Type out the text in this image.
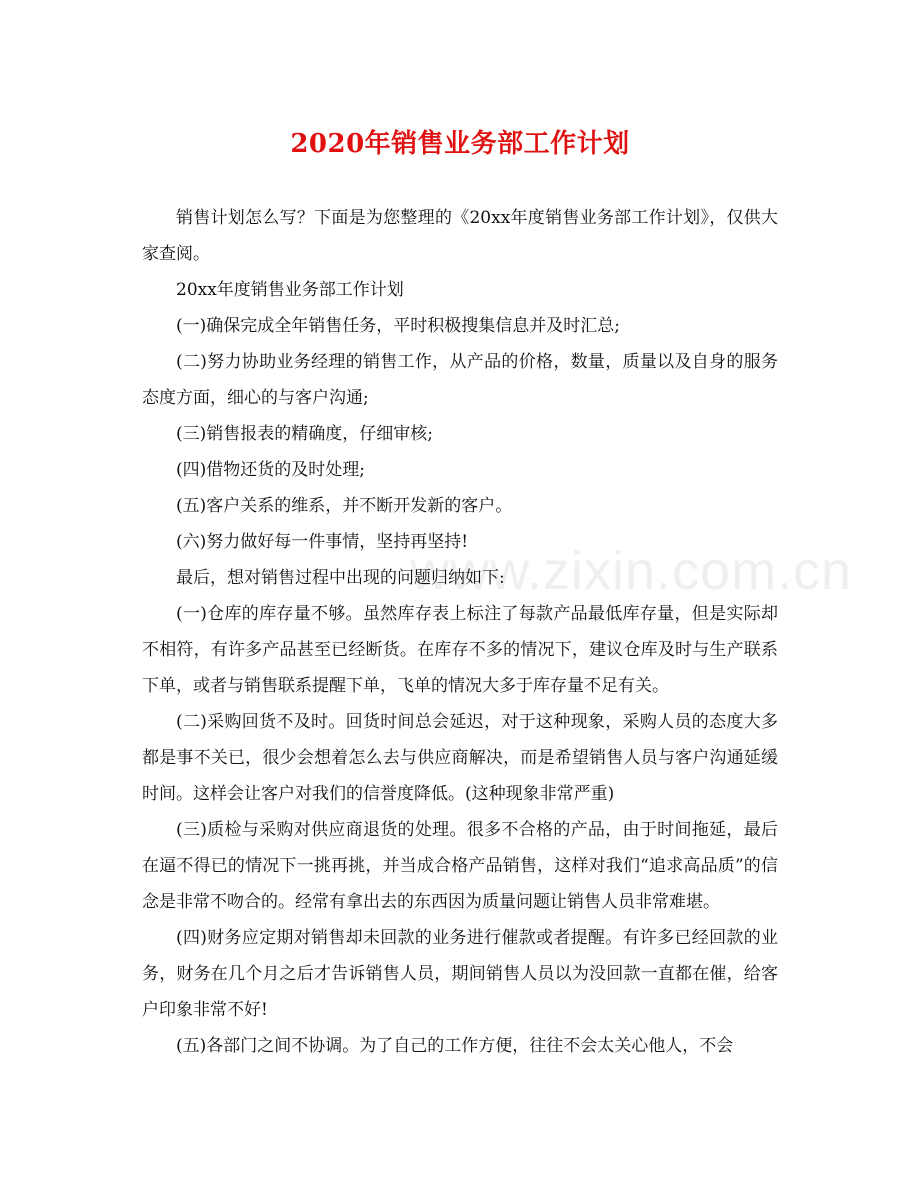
2020年销售业务部工作计划
www.zixin.com.cn

销售计划怎么写？下面是为您整理的《20xx年度销售业务部工作计划》，仅供大家查阅。

20xx年度销售业务部工作计划

(一)确保完成全年销售任务，平时积极搜集信息并及时汇总;

(二)努力协助业务经理的销售工作，从产品的价格，数量，质量以及自身的服务态度方面，细心的与客户沟通;

(三)销售报表的精确度，仔细审核;

(四)借物还货的及时处理;

(五)客户关系的维系，并不断开发新的客户。

(六)努力做好每一件事情，坚持再坚持!

最后，想对销售过程中出现的问题归纳如下:

(一)仓库的库存量不够。虽然库存表上标注了每款产品最低库存量，但是实际却不相符，有许多产品甚至已经断货。在库存不多的情况下，建议仓库及时与生产联系下单，或者与销售联系提醒下单，飞单的情况大多于库存量不足有关。

(二)采购回货不及时。回货时间总会延迟，对于这种现象，采购人员的态度大多都是事不关已，很少会想着怎么去与供应商解决，而是希望销售人员与客户沟通延缓时间。这样会让客户对我们的信誉度降低。(这种现象非常严重)

(三)质检与采购对供应商退货的处理。很多不合格的产品，由于时间拖延，最后在逼不得已的情况下一挑再挑，并当成合格产品销售，这样对我们“追求高品质”的信念是非常不吻合的。经常有拿出去的东西因为质量问题让销售人员非常难堪。

(四)财务应定期对销售却未回款的业务进行催款或者提醒。有许多已经回款的业务，财务在几个月之后才告诉销售人员，期间销售人员以为没回款一直都在催，给客户印象非常不好!

(五)各部门之间不协调。为了自己的工作方便，往往不会太关心他人，不会
